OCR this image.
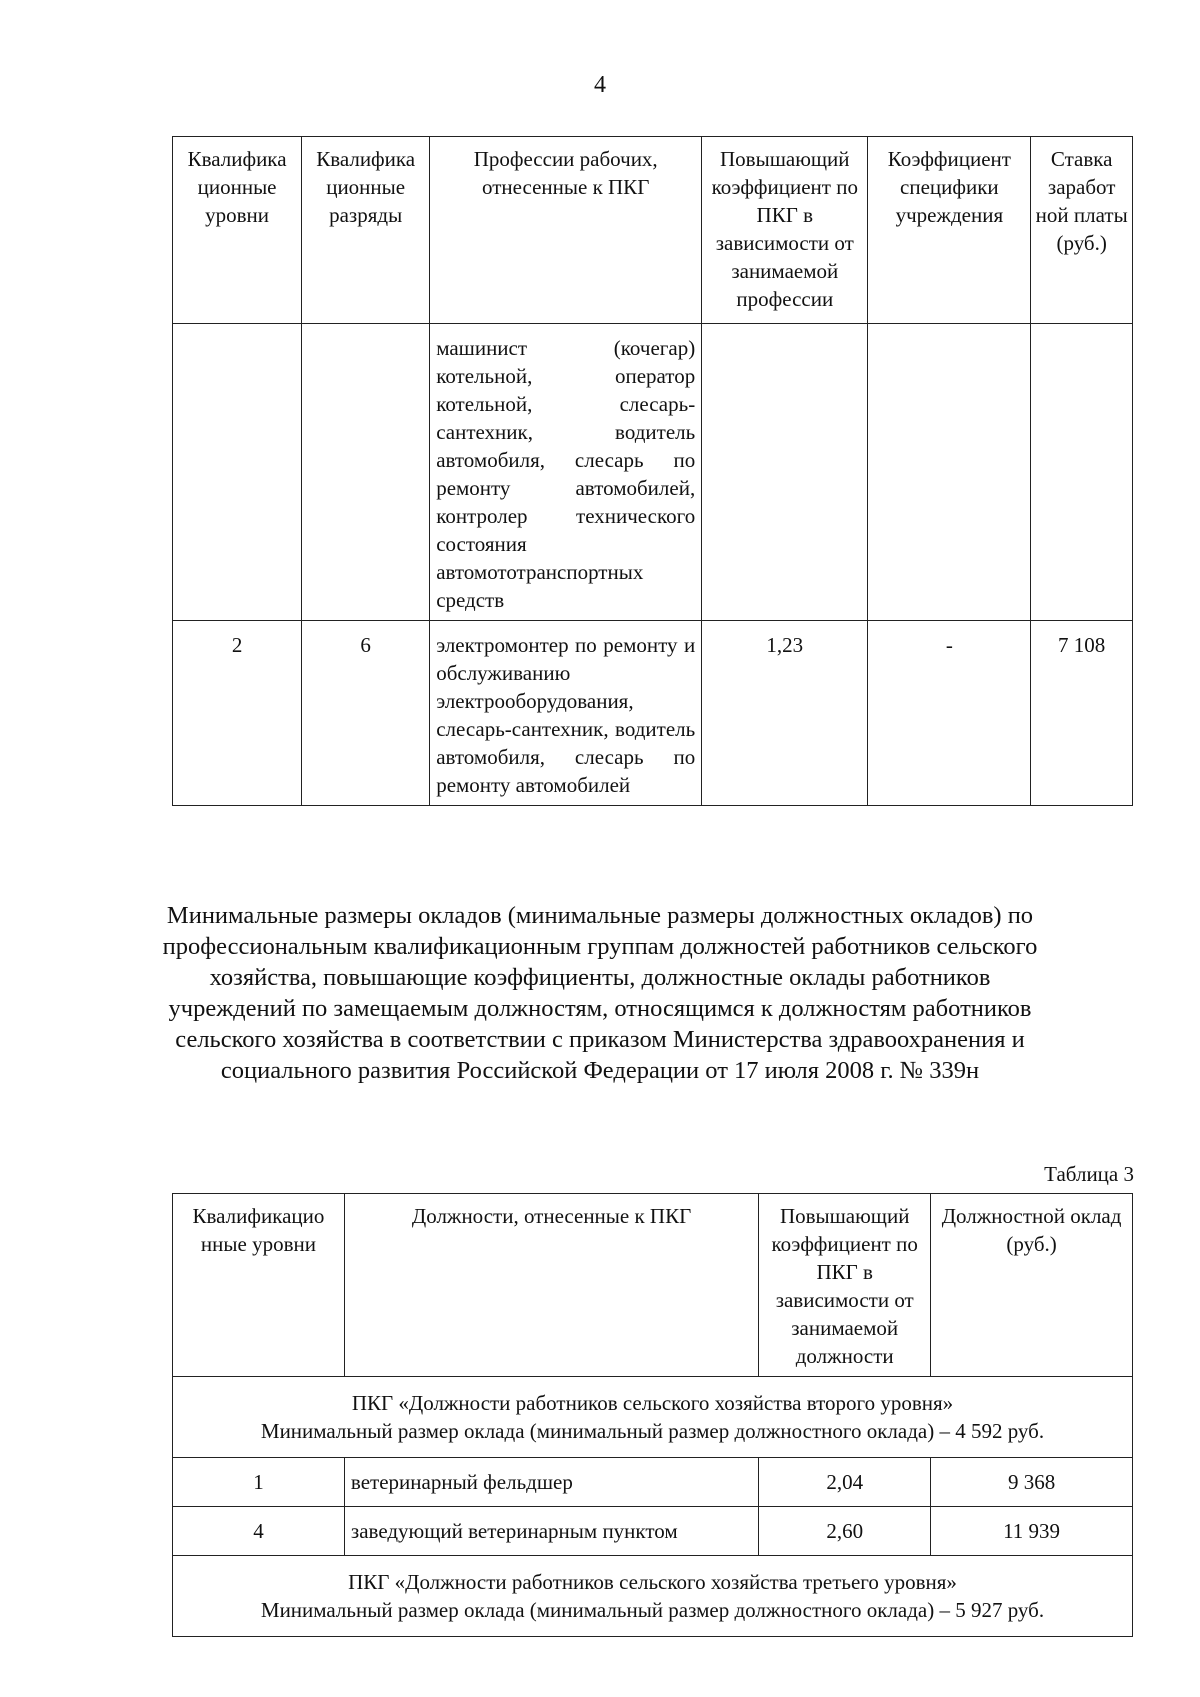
4
Квалифика ционные уровни	Квалифика ционные разряды	Профессии рабочих, отнесенные к ПКГ	Повышающий коэффициент по ПКГ в зависимости от занимаемой профессии	Коэффициент специфики учреждения	Ставка заработ ной платы (руб.)
		машинист (кочегар) котельной, оператор котельной, слесарь-сантехник, водитель автомобиля, слесарь по ремонту автомобилей, контролер технического состояния автомототранспортных средств			
2	6	электромонтер по ремонту и обслуживанию электрооборудования, слесарь-сантехник, водитель автомобиля, слесарь по ремонту автомобилей	1,23	-	7 108
Минимальные размеры окладов (минимальные размеры должностных окладов) по профессиональным квалификационным группам должностей работников сельского хозяйства, повышающие коэффициенты, должностные оклады работников учреждений по замещаемым должностям, относящимся к должностям работников сельского хозяйства в соответствии с приказом Министерства здравоохранения и социального развития Российской Федерации от 17 июля 2008 г. № 339н
Таблица 3
Квалификацио нные уровни	Должности, отнесенные к ПКГ	Повышающий коэффициент по ПКГ в зависимости от занимаемой должности	Должностной оклад (руб.)

ПКГ «Должности работников сельского хозяйства второго уровня»
Минимальный размер оклада (минимальный размер должностного оклада) – 4 592 руб.			

1	ветеринарный фельдшер	2,04	9 368
4	заведующий ветеринарным пунктом	2,60	11 939

ПКГ «Должности работников сельского хозяйства третьего уровня»
Минимальный размер оклада (минимальный размер должностного оклада) – 5 927 руб.			
